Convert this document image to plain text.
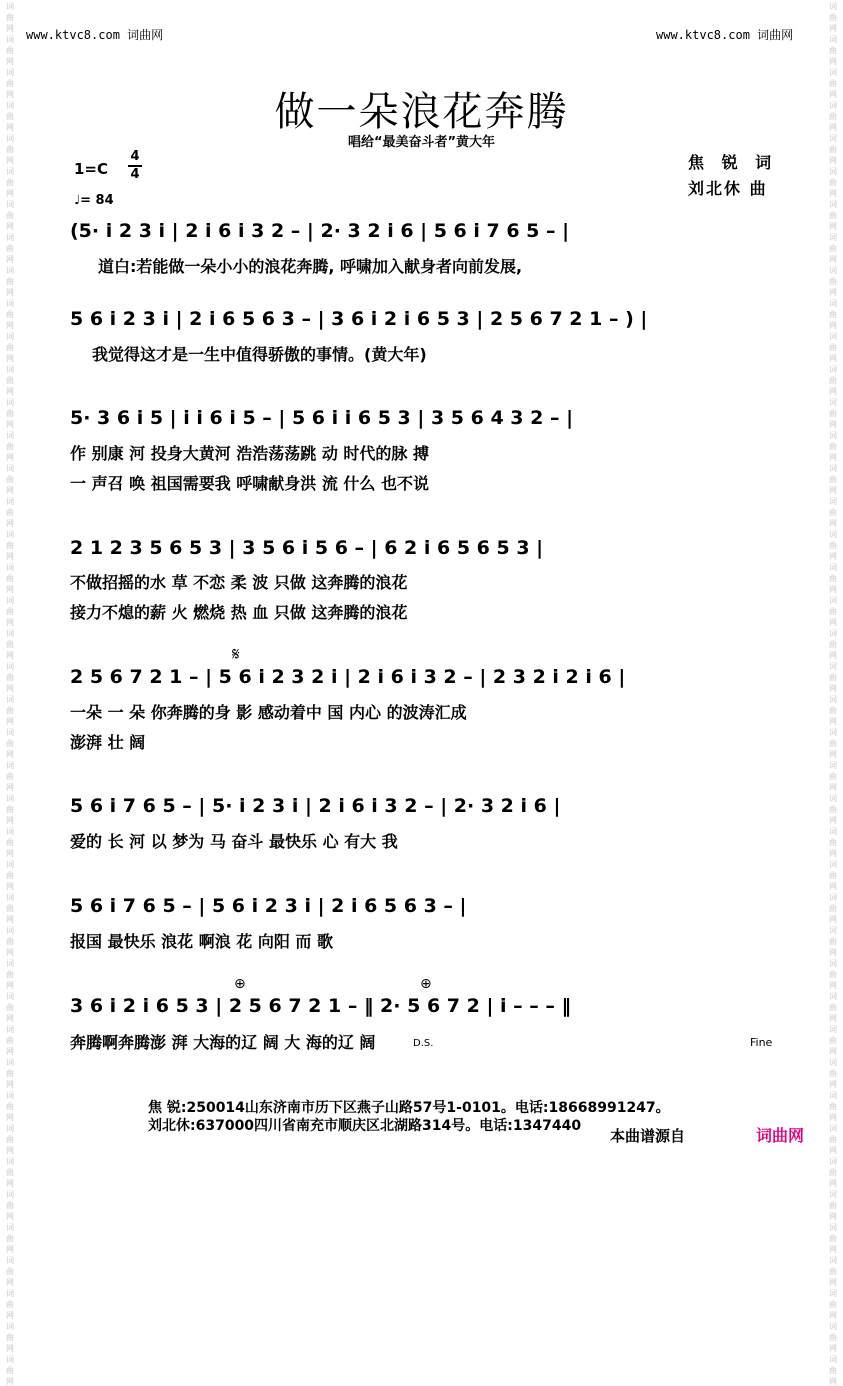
词
曲
网
词
曲
网
词
曲
网
词
曲
网
词
曲
网
词
曲
网
词
曲
网
词
曲
网
词
曲
网
词
曲
网
词
曲
网
词
曲
网
词
曲
网
词
曲
网
词
曲
网
词
曲
网
词
曲
网
词
曲
网
词
曲
网
词
曲
网
词
曲
网
词
曲
网
词
曲
网
词
曲
网
词
曲
网
词
曲
网
词
曲
网
词
曲
网
词
曲
网
词
曲
网
词
曲
网
词
曲
网
词
曲
网
词
曲
网
词
曲
网
词
曲
网
词
曲
网
词
曲
网
词
曲
网
词
曲
网
词
曲
网
词
曲
网
词
曲
网
词
曲
网
词
曲
网
词
曲
网
词
曲
网
词
曲
网
词
曲
网
词
曲
网
词
曲
网
词
曲
网
词
曲
网
词
曲
网
词
曲
网
词
曲
网
词
曲
网
词
曲
网
词
曲
网
词
曲
网
词
曲
网
词
曲
网
词
曲
网
词
曲
网
词
曲
网
词
曲
网
词
曲
网
词
曲
网
词
曲
网
词
曲
网
词
曲
网
词
曲
网
词
曲
网
词
曲
网
词
曲
网
词
曲
网
词
曲
网
词
曲
网
词
曲
网
词
曲
网
词
曲
网
词
曲
网
词
曲
网
词
曲
网
www.ktvc8.com 词曲网	www.ktvc8.com 词曲网
做一朵浪花奔腾
唱给“最美奋斗者”黄大年
1=C
4
4
♩= 84
焦 锐 词
刘北休 曲
(5· i 2 3 i | 2 i 6 i 3 2 – | 2· 3 2 i 6 | 5 6 i 7 6 5 – |
道白:若能做一朵小小的浪花奔腾, 呼啸加入献身者向前发展,
5 6 i 2 3 i | 2 i 6 5 6 3 – | 3 6 i 2 i 6 5 3 | 2 5 6 7 2 1 – ) |
我觉得这才是一生中值得骄傲的事情。(黄大年)
5· 3 6 i 5 | i i 6 i 5 – | 5 6 i i 6 5 3 | 3 5 6 4 3 2 – |
作 别康 河 投身大黄河 浩浩荡荡跳 动 时代的脉 搏
一 声召 唤 祖国需要我 呼啸献身洪 流 什么 也不说
2 1 2 3 5 6 5 3 | 3 5 6 i 5 6 – | 6 2 i 6 5 6 5 3 |
不做招摇的水 草 不恋 柔 波 只做 这奔腾的浪花
接力不熄的薪 火 燃烧 热 血 只做 这奔腾的浪花
𝄋
2 5 6 7 2 1 – | 5 6 i 2 3 2 i | 2 i 6 i 3 2 – | 2 3 2 i 2 i 6 |
一朵 一 朵 你奔腾的身 影 感动着中 国 内心 的波涛汇成
澎湃 壮 阔
5 6 i 7 6 5 – | 5· i 2 3 i | 2 i 6 i 3 2 – | 2· 3 2 i 6 |
爱的 长 河 以 梦为 马 奋斗 最快乐 心 有大 我
5 6 i 7 6 5 – | 5 6 i 2 3 i | 2 i 6 5 6 3 – |
报国 最快乐 浪花 啊浪 花 向阳 而 歌
⊕	⊕
3 6 i 2 i 6 5 3 | 2 5 6 7 2 1 – ‖ 2· 5 6 7 2 | i – – – ‖
奔腾啊奔腾澎 湃 大海的辽 阔 大 海的辽 阔	D.S.	Fine
焦 锐:250014山东济南市历下区燕子山路57号1-0101。电话:18668991247。
刘北休:637000四川省南充市顺庆区北湖路314号。电话:1347440
本曲谱源自	词曲网
